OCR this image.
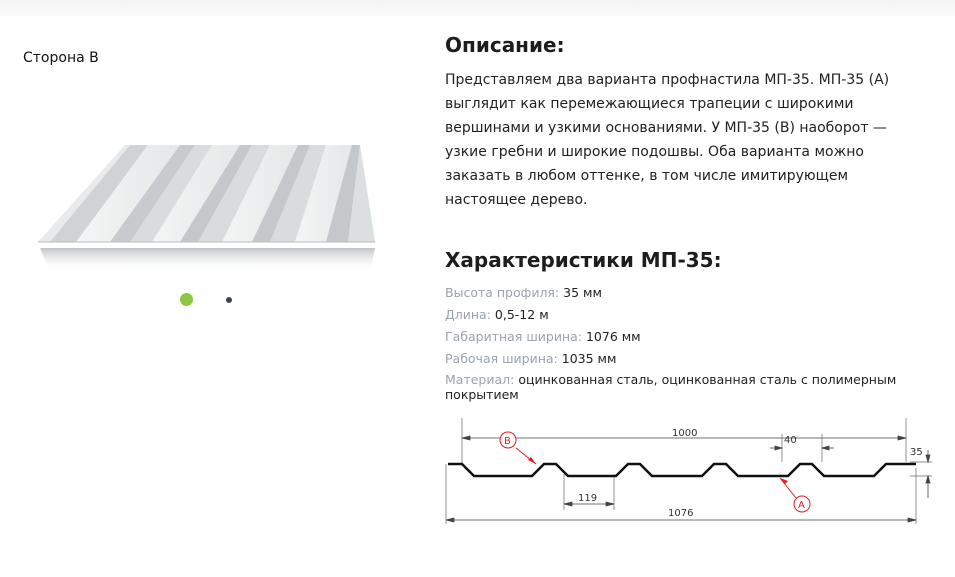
Сторона В
Описание:

Представляем два варианта профнастила МП-35. МП-35 (А)
выглядит как перемежающиеся трапеции с широкими
вершинами и узкими основаниями. У МП-35 (В) наоборот —
узкие гребни и широкие подошвы. Оба варианта можно
заказать в любом оттенке, в том числе имитирующем
настоящее дерево.

Характеристики МП-35:

Высота профиля: 35 мм

Длина: 0,5-12 м

Габаритная ширина: 1076 мм

Рабочая ширина: 1035 мм

Материал: оцинкованная сталь, оцинкованная сталь с полимерным
покрытием

1000
40
35
119
1076
B
A
